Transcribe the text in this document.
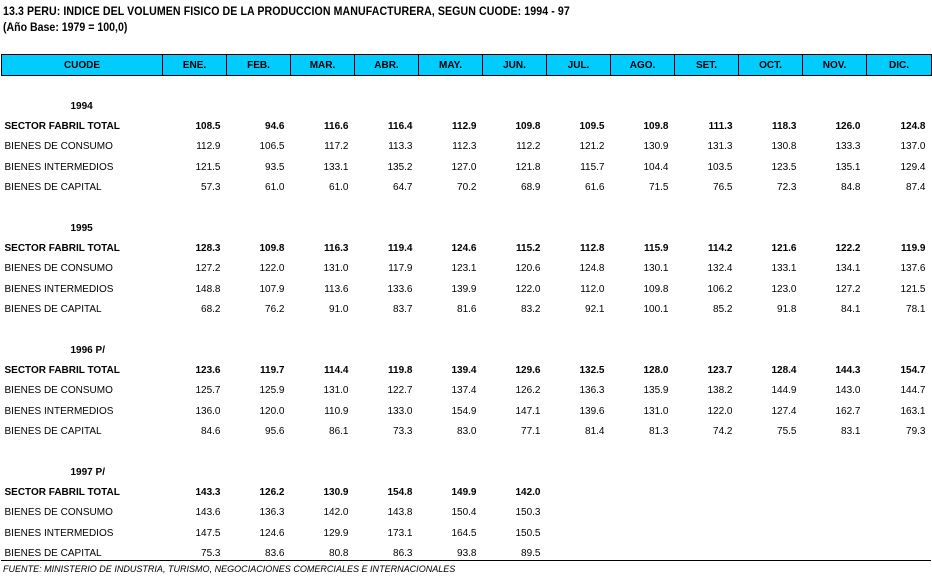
13.3 PERU: INDICE DEL VOLUMEN FISICO DE LA PRODUCCION MANUFACTURERA, SEGUN CUODE: 1994 - 97
(Año Base: 1979 = 100,0)
CUODE	ENE.	FEB.	MAR.	ABR.	MAY.	JUN.	JUL.	AGO.	SET.	OCT.	NOV.	DIC.

1994												
SECTOR FABRIL TOTAL	108.5	94.6	116.6	116.4	112.9	109.8	109.5	109.8	111.3	118.3	126.0	124.8
BIENES DE CONSUMO	112.9	106.5	117.2	113.3	112.3	112.2	121.2	130.9	131.3	130.8	133.3	137.0
BIENES INTERMEDIOS	121.5	93.5	133.1	135.2	127.0	121.8	115.7	104.4	103.5	123.5	135.1	129.4
BIENES DE CAPITAL	57.3	61.0	61.0	64.7	70.2	68.9	61.6	71.5	76.5	72.3	84.8	87.4

1995												
SECTOR FABRIL TOTAL	128.3	109.8	116.3	119.4	124.6	115.2	112.8	115.9	114.2	121.6	122.2	119.9
BIENES DE CONSUMO	127.2	122.0	131.0	117.9	123.1	120.6	124.8	130.1	132.4	133.1	134.1	137.6
BIENES INTERMEDIOS	148.8	107.9	113.6	133.6	139.9	122.0	112.0	109.8	106.2	123.0	127.2	121.5
BIENES DE CAPITAL	68.2	76.2	91.0	83.7	81.6	83.2	92.1	100.1	85.2	91.8	84.1	78.1

1996 P/												
SECTOR FABRIL TOTAL	123.6	119.7	114.4	119.8	139.4	129.6	132.5	128.0	123.7	128.4	144.3	154.7
BIENES DE CONSUMO	125.7	125.9	131.0	122.7	137.4	126.2	136.3	135.9	138.2	144.9	143.0	144.7
BIENES INTERMEDIOS	136.0	120.0	110.9	133.0	154.9	147.1	139.6	131.0	122.0	127.4	162.7	163.1
BIENES DE CAPITAL	84.6	95.6	86.1	73.3	83.0	77.1	81.4	81.3	74.2	75.5	83.1	79.3

1997 P/												
SECTOR FABRIL TOTAL	143.3	126.2	130.9	154.8	149.9	142.0						
BIENES DE CONSUMO	143.6	136.3	142.0	143.8	150.4	150.3						
BIENES INTERMEDIOS	147.5	124.6	129.9	173.1	164.5	150.5						
BIENES DE CAPITAL	75.3	83.6	80.8	86.3	93.8	89.5						
FUENTE: MINISTERIO DE INDUSTRIA, TURISMO, NEGOCIACIONES COMERCIALES E INTERNACIONALES
